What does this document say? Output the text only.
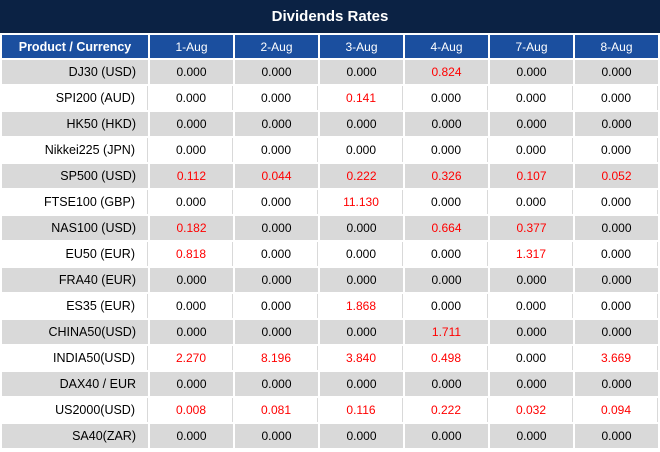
Dividends Rates
Product / Currency	1-Aug	2-Aug	3-Aug	4-Aug	7-Aug	8-Aug
DJ30 (USD)	0.000	0.000	0.000	0.824	0.000	0.000
SPI200 (AUD)	0.000	0.000	0.141	0.000	0.000	0.000
HK50 (HKD)	0.000	0.000	0.000	0.000	0.000	0.000
Nikkei225 (JPN)	0.000	0.000	0.000	0.000	0.000	0.000
SP500 (USD)	0.112	0.044	0.222	0.326	0.107	0.052
FTSE100 (GBP)	0.000	0.000	11.130	0.000	0.000	0.000
NAS100 (USD)	0.182	0.000	0.000	0.664	0.377	0.000
EU50 (EUR)	0.818	0.000	0.000	0.000	1.317	0.000
FRA40 (EUR)	0.000	0.000	0.000	0.000	0.000	0.000
ES35 (EUR)	0.000	0.000	1.868	0.000	0.000	0.000
CHINA50(USD)	0.000	0.000	0.000	1.711	0.000	0.000
INDIA50(USD)	2.270	8.196	3.840	0.498	0.000	3.669
DAX40 / EUR	0.000	0.000	0.000	0.000	0.000	0.000
US2000(USD)	0.008	0.081	0.116	0.222	0.032	0.094
SA40(ZAR)	0.000	0.000	0.000	0.000	0.000	0.000
